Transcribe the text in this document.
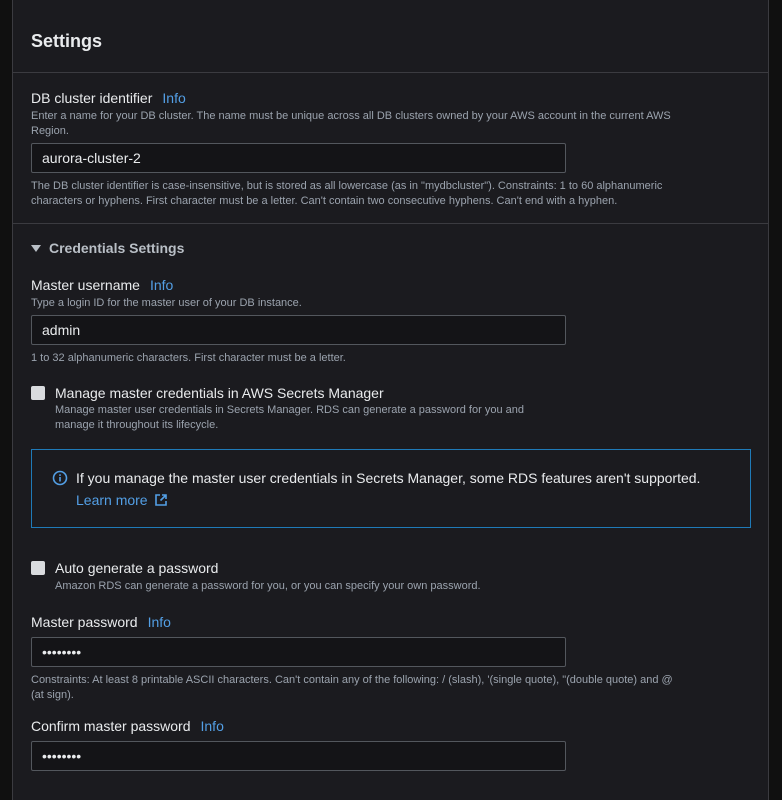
Settings
DB cluster identifier Info
Enter a name for your DB cluster. The name must be unique across all DB clusters owned by your AWS account in the current AWS
Region.
aurora-cluster-2
The DB cluster identifier is case-insensitive, but is stored as all lowercase (as in "mydbcluster"). Constraints: 1 to 60 alphanumeric
characters or hyphens. First character must be a letter. Can't contain two consecutive hyphens. Can't end with a hyphen.
Credentials Settings
Master username Info
Type a login ID for the master user of your DB instance.
admin
1 to 32 alphanumeric characters. First character must be a letter.
Manage master credentials in AWS Secrets Manager
Manage master user credentials in Secrets Manager. RDS can generate a password for you and
manage it throughout its lifecycle.
If you manage the master user credentials in Secrets Manager, some RDS features aren't supported.
Learn more
Auto generate a password
Amazon RDS can generate a password for you, or you can specify your own password.
Master password Info
••••••••
Constraints: At least 8 printable ASCII characters. Can't contain any of the following: / (slash), '(single quote), "(double quote) and @
(at sign).
Confirm master password Info
••••••••
